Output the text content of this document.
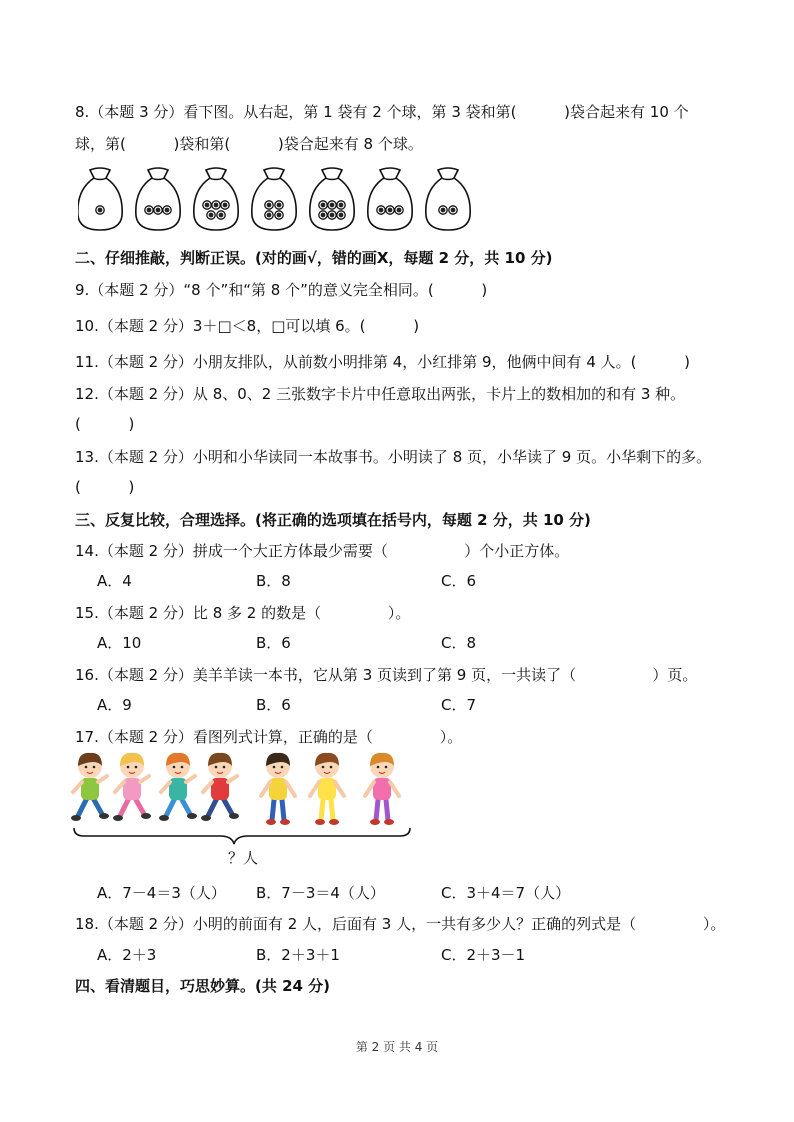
8.（本题 3 分）看下图。从右起，第 1 袋有 2 个球，第 3 袋和第(          )袋合起来有 10 个
球，第(          )袋和第(          )袋合起来有 8 个球。
二、仔细推敲，判断正误。(对的画√，错的画X，每题 2 分，共 10 分)
9.（本题 2 分）“8 个”和“第 8 个”的意义完全相同。(          )
10.（本题 2 分）3＋□＜8，□可以填 6。(          )
11.（本题 2 分）小朋友排队，从前数小明排第 4，小红排第 9，他俩中间有 4 人。(          )
12.（本题 2 分）从 8、0、2 三张数字卡片中任意取出两张，卡片上的数相加的和有 3 种。
(          )
13.（本题 2 分）小明和小华读同一本故事书。小明读了 8 页，小华读了 9 页。小华剩下的多。
(          )
三、反复比较，合理选择。(将正确的选项填在括号内，每题 2 分，共 10 分)
14.（本题 2 分）拼成一个大正方体最少需要（                ）个小正方体。
A．4	B．8	C．6
15.（本题 2 分）比 8 多 2 的数是（              ）。
A．10	B．6	C．8
16.（本题 2 分）美羊羊读一本书，它从第 3 页读到了第 9 页，一共读了（                ）页。
A．9	B．6	C．7
17.（本题 2 分）看图列式计算，正确的是（              ）。
？人
A．7－4＝3（人） B．7－3＝4（人）	C．3＋4＝7（人）
18.（本题 2 分）小明的前面有 2 人，后面有 3 人，一共有多少人？正确的列式是（              ）。
A．2＋3	B．2＋3＋1	C．2＋3－1
四、看清题目，巧思妙算。(共 24 分)
第 2 页 共 4 页
